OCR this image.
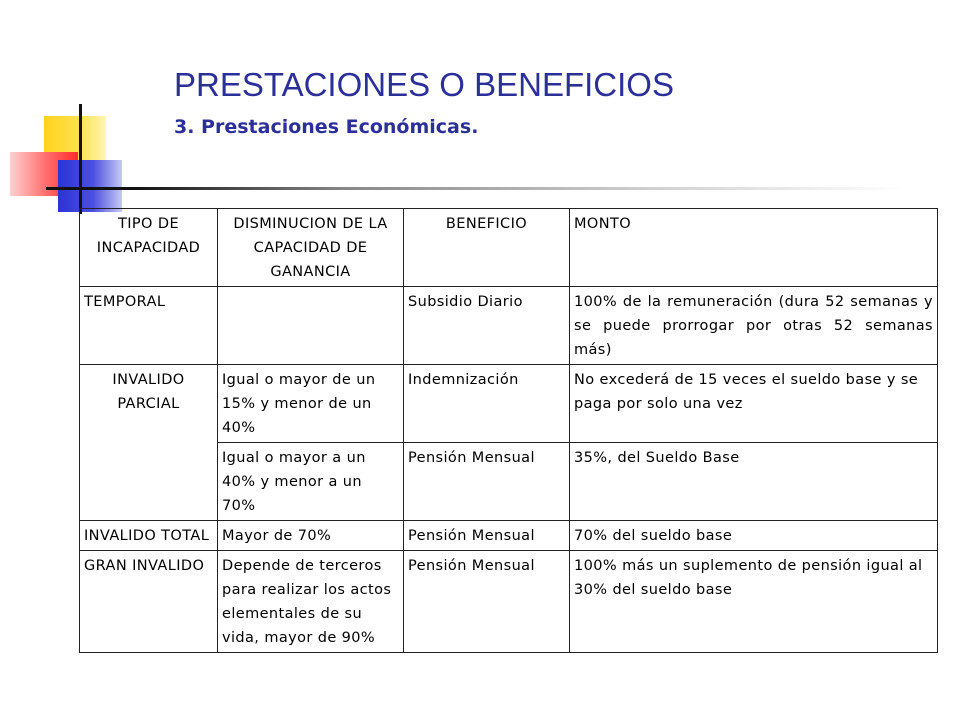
PRESTACIONES O BENEFICIOS
3. Prestaciones Económicas.
TIPO DE INCAPACIDAD	DISMINUCION DE LA CAPACIDAD DE GANANCIA	BENEFICIO	MONTO
TEMPORAL		Subsidio Diario	100% de la remuneración (dura 52 semanas y se puede prorrogar por otras 52 semanas más)
INVALIDO PARCIAL	Igual o mayor de un 15% y menor de un 40%	Indemnización	No excederá de 15 veces el sueldo base y se paga por solo una vez
	Igual o mayor a un 40% y menor a un 70%	Pensión Mensual	35%, del Sueldo Base
INVALIDO TOTAL	Mayor de 70%	Pensión Mensual	70% del sueldo base
GRAN INVALIDO	Depende de terceros para realizar los actos elementales de su vida, mayor de 90%	Pensión Mensual	100% más un suplemento de pensión igual al 30% del sueldo base
